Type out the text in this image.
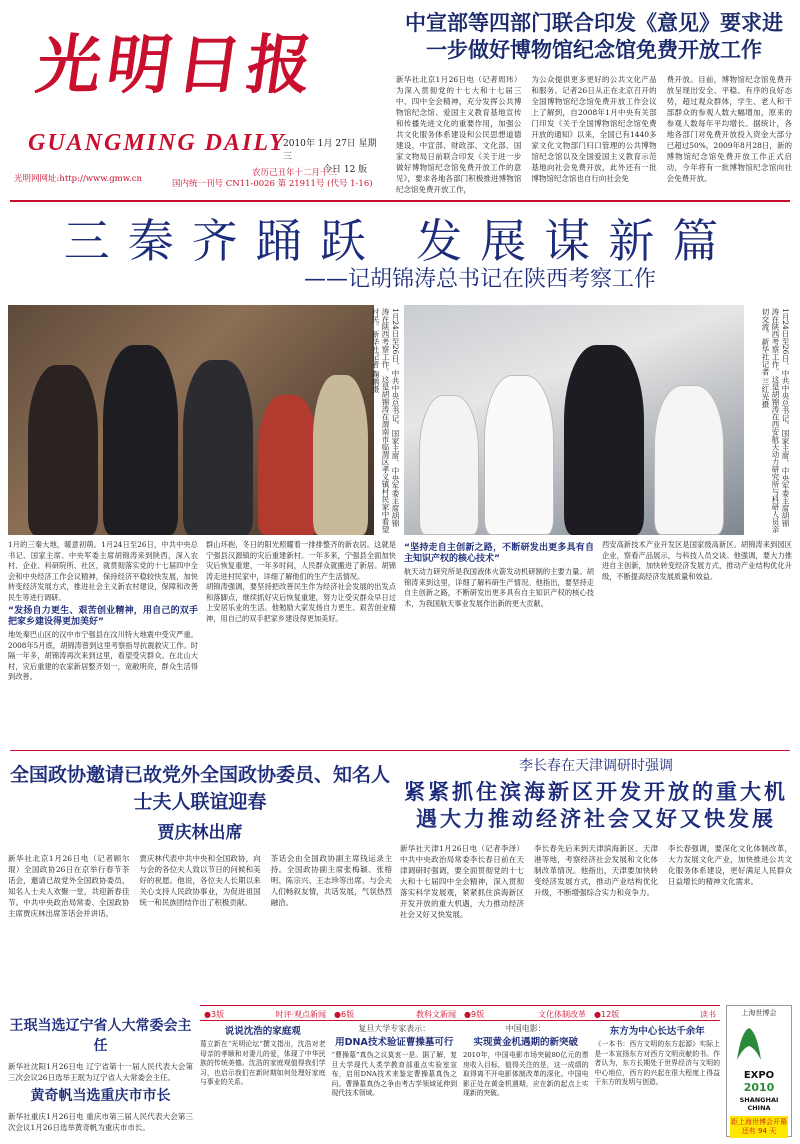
光明日报
GUANGMING DAILY
2010年 1月 27日 星期三
今日 12 版
光明网网址:http://www.gmw.cn
农历己丑年十二月十三
国内统一刊号 CN11-0026 第 21911号 (代号 1-16)
中宣部等四部门联合印发《意见》要求进一步做好博物馆纪念馆免费开放工作
新华社北京1月26日电（记者周玮）为深入贯彻党的十七大和十七届三中、四中全会精神，充分发挥公共博物馆纪念馆、爱国主义教育基地宣传和传播先进文化的重要作用，加强公共文化服务体系建设和公民思想道德建设，中宣部、财政部、文化部、国家文物局日前联合印发《关于进一步做好博物馆纪念馆免费开放工作的意见》，要求各地各部门积极推进博物馆纪念馆免费开放工作，
为公众提供更多更好的公共文化产品和服务。记者26日从正在北京召开的全国博物馆纪念馆免费开放工作会议上了解到，自2008年1月中央有关部门印发《关于全国博物馆纪念馆免费开放的通知》以来，全国已有1440多家文化文物部门归口管理的公共博物馆纪念馆以及全国爱国主义教育示范基地向社会免费开放，此外还有一批博物馆纪念馆也自行向社会免
费开放。目前，博物馆纪念馆免费开放呈现出安全、平稳、有序的良好态势，超过观众群体，学生、老人和干部群众的参观人数大幅增加，原来的参观人数每年平均增长。据统计，各地各部门对免费开放投入资金大部分已超过50%，2009年8月28日，新的博物馆纪念馆免费开放工作正式启动，今年将有一批博物馆纪念馆向社会免费开放。
三秦齐踊跃 发展谋新篇
——记胡锦涛总书记在陕西考察工作
1月24日至26日，中共中央总书记、国家主席、中央军委主席胡锦涛在陕西考察工作。这是胡锦涛在渭南市临渭区孝义镇村民家中看望村民。新华社记者 鞠鹏摄	1月24日至26日，中共中央总书记、国家主席、中央军委主席胡锦涛在陕西考察工作。这是胡锦涛在西安航天动力研究所与科研人员亲切交流。新华社记者 兰红光摄

1月的三秦大地，暖意初萌。1月24日至26日，中共中央总书记、国家主席、中央军委主席胡锦涛来到陕西，深入农村、企业、科研院所、社区，就贯彻落实党的十七届四中全会和中央经济工作会议精神，保持经济平稳较快发展，加快转变经济发展方式，推进社会主义新农村建设，保障和改善民生等进行调研。

“发扬自力更生、艰苦创业精神，用自己的双手把家乡建设得更加美好”

地处秦巴山区的汉中市宁强县在汶川特大地震中受灾严重。2008年5月底，胡锦涛曾到这里考察指导抗震救灾工作。时隔一年多，胡锦涛再次来到这里，看望受灾群众。在北山大村，灾后重建的农家新居整齐划一，宽敞明亮，群众生活得到改善。

群山环抱，冬日的阳光照耀着一排排整齐的新农居。这就是宁强县汉源镇的灾后重建新村。一年多来，宁强县全面加快灾后恢复重建，一年多时间，人民群众就搬进了新居。胡锦涛走进村民家中，详细了解他们的生产生活情况。

胡锦涛强调，要坚持把改善民生作为经济社会发展的出发点和落脚点，继续抓好灾后恢复重建，努力让受灾群众早日过上安居乐业的生活。他勉励大家发扬自力更生、艰苦创业精神，用自己的双手把家乡建设得更加美好。

“坚持走自主创新之路，不断研发出更多具有自主知识产权的核心技术”

航天动力研究所是我国液体火箭发动机研制的主要力量。胡锦涛来到这里，详细了解科研生产情况。他指出，要坚持走自主创新之路，不断研发出更多具有自主知识产权的核心技术，为我国航天事业发展作出新的更大贡献。

西安高新技术产业开发区是国家级高新区。胡锦涛来到园区企业，察看产品展示，与科技人员交谈。他强调，要大力推进自主创新，加快转变经济发展方式，推动产业结构优化升级，不断提高经济发展质量和效益。

全国政协邀请已故党外全国政协委员、知名人士夫人联谊迎春
贾庆林出席
新华社北京1月26日电（记者顾尔琨）全国政协26日在京举行春节茶话会，邀请已故党外全国政协委员、知名人士夫人欢聚一堂，共迎新春佳节。中共中央政治局常委、全国政协主席贾庆林出席茶话会并讲话。
贾庆林代表中共中央和全国政协，向与会的各位夫人致以节日的问候和美好的祝愿。他说，各位夫人长期以来关心支持人民政协事业，为促进祖国统一和民族团结作出了积极贡献。
茶话会由全国政协副主席钱运录主持。全国政协副主席张梅颖、张榕明、陈宗兴、王志珍等出席。与会夫人们畅叙友情，共话发展，气氛热烈融洽。
李长春在天津调研时强调
紧紧抓住滨海新区开发开放的重大机遇大力推动经济社会又好又快发展
新华社天津1月26日电（记者李泽）中共中央政治局常委李长春日前在天津调研时强调，要全面贯彻党的十七大和十七届四中全会精神，深入贯彻落实科学发展观，紧紧抓住滨海新区开发开放的重大机遇，大力推动经济社会又好又快发展。
李长春先后来到天津滨海新区、天津港等地，考察经济社会发展和文化体制改革情况。他指出，天津要加快转变经济发展方式，推动产业结构优化升级，不断增强综合实力和竞争力。
李长春强调，要深化文化体制改革，大力发展文化产业，加快推进公共文化服务体系建设，更好满足人民群众日益增长的精神文化需求。
王珉当选辽宁省人大常委会主任
新华社沈阳1月26日电 辽宁省第十一届人民代表大会第三次会议26日选举王珉为辽宁省人大常委会主任。
黄奇帆当选重庆市市长
新华社重庆1月26日电 重庆市第三届人民代表大会第三次会议1月26日选举黄奇帆为重庆市市长。
●3版	时评·观点新闻 ●6版	教科文新闻 ●9版	文化体制改革 ●12版	读书
说说沈浩的家庭观
葛立新在“光明论坛”撰文指出，沈浩对老母亲的孝顺和对妻儿的爱，体现了中华民族的传统美德。沈浩的家庭观值得我们学习，也启示我们在新时期如何处理好家庭与事业的关系。
复旦大学专家表示：
用DNA技术验证曹操墓可行
“曹操墓”真伪之议莫衷一是。据了解，复旦大学现代人类学教育部重点实验室宣布，启用DNA技术来鉴定曹操墓真伪之问。曹操墓真伪之争由考古学领域延伸到现代技术领域。
中国电影：
实现黄金机遇期的新突破
2010年，中国电影市场突破80亿元的票房收入目标，值得关注的是，这一成绩的取得离不开电影体制改革的深化。中国电影正处在黄金机遇期，应在新的起点上实现新的突破。
东方为中心长达千余年
《一本书：西方文明的东方起源》实际上是一本宣扬东方对西方文明贡献的书。作者认为，东方长期处于世界经济与文明的中心地位，西方的兴起在很大程度上得益于东方的发明与创造。
上海世博会
EXPO
2010
SHANGHAI CHINA
距上海世博会开幕还有 94 天
